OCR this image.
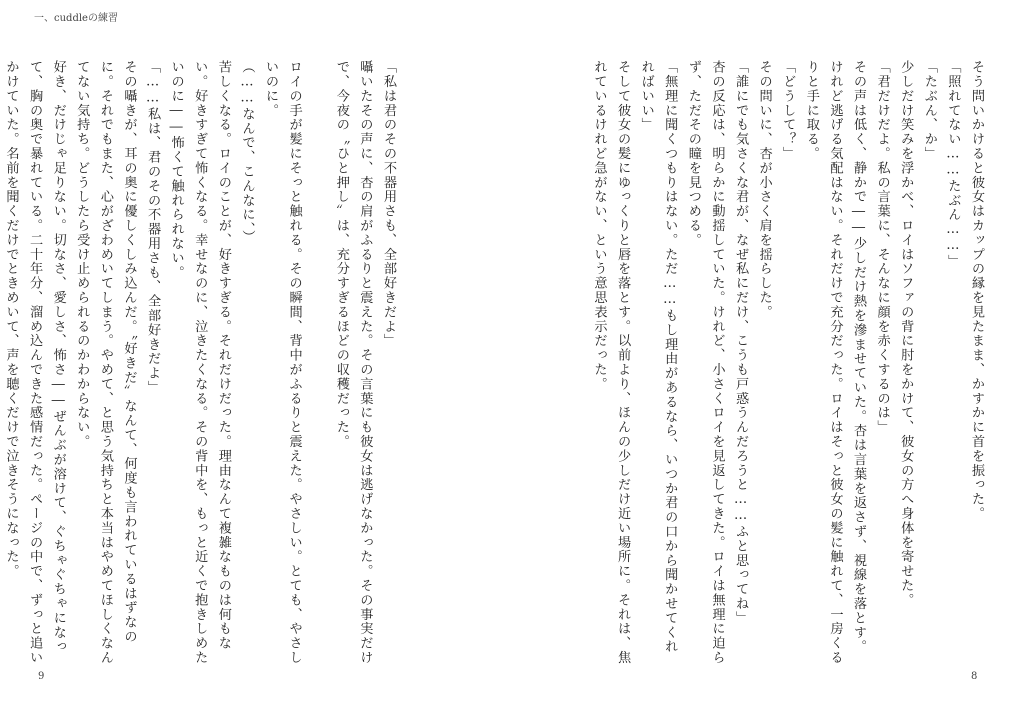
一、cuddleの練習

そう問いかけると彼女はカップの縁を見たまま、かすかに首を振った。

「照れてない……たぶん……」

「たぶん、か」

少しだけ笑みを浮かべ、ロイはソファの背に肘をかけて、彼女の方へ身体を寄せた。

「君だけだよ。私の言葉に、そんなに顔を赤くするのは」

その声は低く、静かで――少しだけ熱を滲ませていた。杏は言葉を返さず、視線を落とす。けれど逃げる気配はない。それだけで充分だった。ロイはそっと彼女の髪に触れて、一房くるりと手に取る。

「どうして？」

その問いに、杏が小さく肩を揺らした。

「誰にでも気さくな君が、なぜ私にだけ、こうも戸惑うんだろうと……ふと思ってね」

杏の反応は、明らかに動揺していた。けれど、小さくロイを見返してきた。ロイは無理に迫らず、ただその瞳を見つめる。

「無理に聞くつもりはない。ただ……もし理由があるなら、いつか君の口から聞かせてくれればいい」

そして彼女の髪にゆっくりと唇を落とす。以前より、ほんの少しだけ近い場所に。それは、焦れているけれど急がない、という意思表示だった。

「私は君のその不器用さも、全部好きだよ」

囁いたその声に、杏の肩がふるりと震えた。その言葉にも彼女は逃げなかった。その事実だけで、今夜の〝ひと押し〟は、充分すぎるほどの収穫だった。

ロイの手が髪にそっと触れる。その瞬間、背中がふるりと震えた。やさしい。とても、やさしいのに。

（……なんで、こんなに、）

苦しくなる。ロイのことが、好きすぎる。それだけだった。理由なんて複雑なものは何もない。好きすぎて怖くなる。幸せなのに、泣きたくなる。その背中を、もっと近くで抱きしめたいのに――怖くて触れられない。

「……私は、君のその不器用さも、全部好きだよ」

その囁きが、耳の奥に優しくしみ込んだ。〝好きだ〟なんて、何度も言われているはずなのに。それでもまた、心がざわめいてしまう。やめて、と思う気持ちと本当はやめてほしくなんてない気持ち。どうしたら受け止められるのかわからない。

好き、だけじゃ足りない。切なさ、愛しさ、怖さ――ぜんぶが溶けて、ぐちゃぐちゃになって、胸の奥で暴れている。二十年分、溜め込んできた感情だった。ページの中で、ずっと追いかけていた。名前を聞くだけでときめいて、声を聴くだけで泣きそうになった。

9	8
